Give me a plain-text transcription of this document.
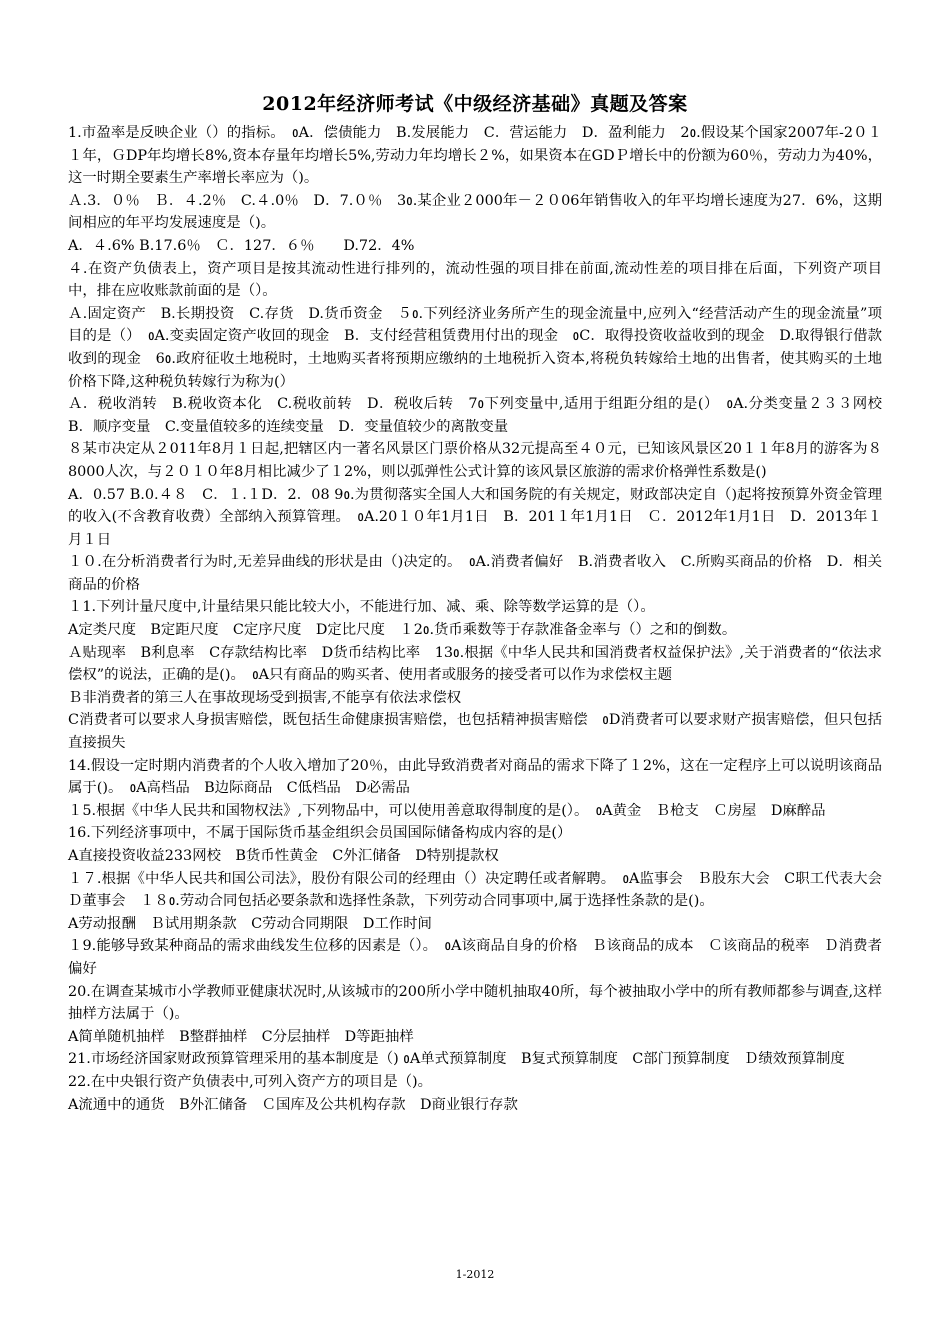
2012年经济师考试《中级经济基础》真题及答案

1.市盈率是反映企业（）的指标。　ᲂA．偿债能力　B.发展能力　C．营运能力　D．盈利能力　2ᲂ.假设某个国家2007年-2０１１年，ＧDP年均增长8%,资本存量年均增长5%,劳动力年均增长２%，如果资本在GDＰ增长中的份额为60％，劳动力为40%，这一时期全要素生产率增长率应为（)。

Ａ.3．０％　Ｂ．４.2％　C.４.0％　D．7.０％　3ᲂ.某企业２000年－２０06年销售收入的年平均增长速度为27．6%，这期间相应的年平均发展速度是（)。

A．４.6% B.17.6％　Ｃ．127．６％　　D.72．4%

４.在资产负债表上，资产项目是按其流动性进行排列的，流动性强的项目排在前面,流动性差的项目排在后面，下列资产项目中，排在应收账款前面的是（）。

Ａ.固定资产　B.长期投资　C.存货　D.货币资金　５ᲂ.下列经济业务所产生的现金流量中,应列入“经营活动产生的现金流量”项目的是（）　ᲂA.变卖固定资产收回的现金　B．支付经营租赁费用付出的现金　ᲂC．取得投资收益收到的现金　D.取得银行借款收到的现金　6ᲂ.政府征收土地税时，土地购买者将预期应缴纳的土地税折入资本,将税负转嫁给土地的出售者，使其购买的土地价格下降,这种税负转嫁行为称为(）

Ａ．税收消转　B.税收资本化　C.税收前转　D．税收后转　7ᲂ下列变量中,适用于组距分组的是(）　ᲂA.分类变量２３３网校　B．顺序变量　C.变量值较多的连续变量　D．变量值较少的离散变量

８某市决定从２011年8月１日起,把辖区内一著名风景区门票价格从32元提高至４０元，已知该风景区20１１年8月的游客为８8000人次，与２０１０年8月相比减少了１2%，则以弧弹性公式计算的该风景区旅游的需求价格弹性系数是()

A．0.57 B.0.４８　C．１.１D．2．08 9ᲂ.为贯彻落实全国人大和国务院的有关规定，财政部决定自（)起将按预算外资金管理的收入(不含教育收费）全部纳入预算管理。　ᲂA.20１０年1月1日　B．201１年1月1日　Ｃ．2012年1月1日　D．2013年１月１日

１０.在分析消费者行为时,无差异曲线的形状是由（)决定的。　ᲂA.消费者偏好　B.消费者收入　C.所购买商品的价格　D．相关商品的价格

１1.下列计量尺度中,计量结果只能比较大小，不能进行加、减、乘、除等数学运算的是（）。

A定类尺度　B定距尺度　C定序尺度　D定比尺度　１2ᲂ.货币乘数等于存款准备金率与（）之和的倒数。

Ａ贴现率　B利息率　C存款结构比率　D货币结构比率　13ᲂ.根据《中华人民共和国消费者权益保护法》,关于消费者的“依法求偿权”的说法，正确的是()。　ᲂA只有商品的购买者、使用者或服务的接受者可以作为求偿权主题

Ｂ非消费者的第三人在事故现场受到损害,不能享有依法求偿权

C消费者可以要求人身损害赔偿，既包括生命健康损害赔偿，也包括精神损害赔偿　ᲂD消费者可以要求财产损害赔偿，但只包括直接损失

14.假设一定时期内消费者的个人收入增加了20％，由此导致消费者对商品的需求下降了１2%，这在一定程序上可以说明该商品属于()。　ᲂA高档品　B边际商品　C低档品　D必需品

１5.根据《中华人民共和国物权法》,下列物品中，可以使用善意取得制度的是(）。　ᲂA黄金　Ｂ枪支　Ｃ房屋　D麻醉品

16.下列经济事项中，不属于国际货币基金组织会员国国际储备构成内容的是(）

A直接投资收益233网校　B货币性黄金　C外汇储备　D特别提款权

１７.根据《中华人民共和国公司法》，股份有限公司的经理由（）决定聘任或者解聘。　ᲂA监事会　Ｂ股东大会　C职工代表大会　Ｄ董事会　１８ᲂ.劳动合同包括必要条款和选择性条款，下列劳动合同事项中,属于选择性条款的是()。

A劳动报酬　Ｂ试用期条款　C劳动合同期限　D工作时间

１9.能够导致某种商品的需求曲线发生位移的因素是（）。　ᲂA该商品自身的价格　Ｂ该商品的成本　Ｃ该商品的税率　Ｄ消费者偏好

20.在调查某城市小学教师亚健康状况时,从该城市的200所小学中随机抽取40所，每个被抽取小学中的所有教师都参与调查,这样抽样方法属于（)。

A简单随机抽样　B整群抽样　C分层抽样　D等距抽样

21.市场经济国家财政预算管理采用的基本制度是（) ᲂA单式预算制度　B复式预算制度　C部门预算制度　Ｄ绩效预算制度

22.在中央银行资产负债表中,可列入资产方的项目是（)。

A流通中的通货　B外汇储备　Ｃ国库及公共机构存款　D商业银行存款

1-2012
